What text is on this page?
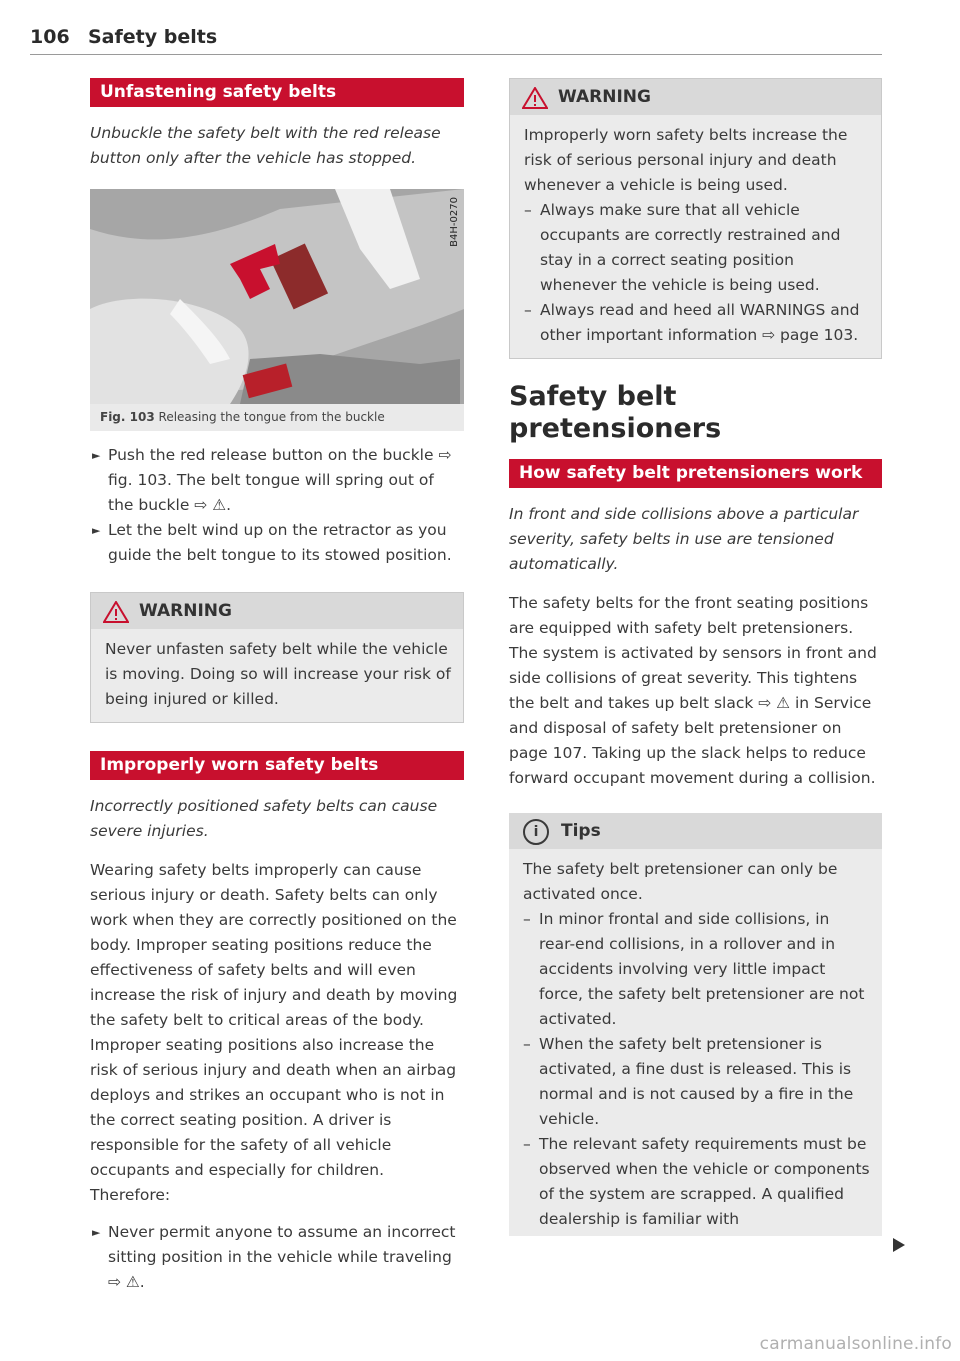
106 Safety belts
Unfastening safety belts

Unbuckle the safety belt with the red release button only after the vehicle has stopped.

B4H-0270
Fig. 103 Releasing the tongue from the buckle
► Push the red release button on the buckle ⇨ fig. 103. The belt tongue will spring out of the buckle ⇨ ⚠.
► Let the belt wind up on the retractor as you guide the belt tongue to its stowed position.
WARNING
Never unfasten safety belt while the vehicle is moving. Doing so will increase your risk of being injured or killed.
Improperly worn safety belts

Incorrectly positioned safety belts can cause severe injuries.

Wearing safety belts improperly can cause serious injury or death. Safety belts can only work when they are correctly positioned on the body. Improper seating positions reduce the effectiveness of safety belts and will even increase the risk of injury and death by moving the safety belt to critical areas of the body. Improper seating positions also increase the risk of serious injury and death when an airbag deploys and strikes an occupant who is not in the correct seating position. A driver is responsible for the safety of all vehicle occupants and especially for children. Therefore:

► Never permit anyone to assume an incorrect sitting position in the vehicle while traveling ⇨ ⚠.
WARNING
Improperly worn safety belts increase the risk of serious personal injury and death whenever a vehicle is being used.
– Always make sure that all vehicle occupants are correctly restrained and stay in a correct seating position whenever the vehicle is being used.
– Always read and heed all WARNINGS and other important information ⇨ page 103.
Safety belt pretensioners
How safety belt pretensioners work

In front and side collisions above a particular severity, safety belts in use are tensioned automatically.

The safety belts for the front seating positions are equipped with safety belt pretensioners. The system is activated by sensors in front and side collisions of great severity. This tightens the belt and takes up belt slack ⇨ ⚠ in Service and disposal of safety belt pretensioner on page 107. Taking up the slack helps to reduce forward occupant movement during a collision.

i	Tips
The safety belt pretensioner can only be activated once.
– In minor frontal and side collisions, in rear-end collisions, in a rollover and in accidents involving very little impact force, the safety belt pretensioner are not activated.
– When the safety belt pretensioner is activated, a fine dust is released. This is normal and is not caused by a fire in the vehicle.
– The relevant safety requirements must be observed when the vehicle or components of the system are scrapped. A qualified dealership is familiar with
carmanualsonline.info
